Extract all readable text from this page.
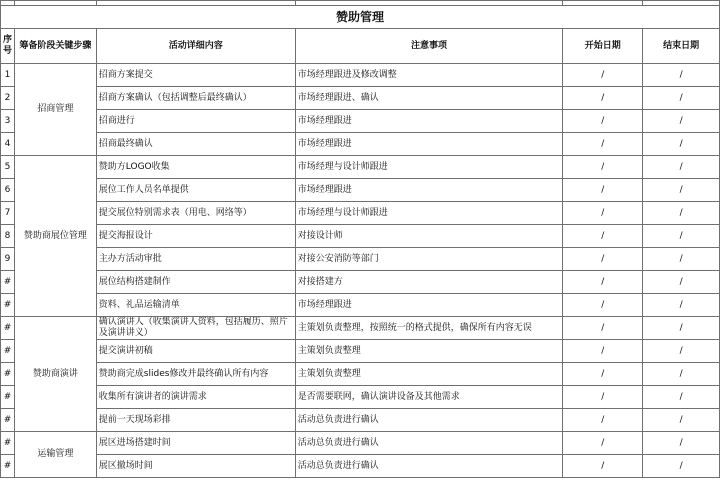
赞助管理					
序号	筹备阶段关键步骤	活动详细内容	注意事项	开始日期	结束日期
1	招商管理	招商方案提交	市场经理跟进及修改调整	/	/
2		招商方案确认（包括调整后最终确认）	市场经理跟进、确认	/	/
3		招商进行	市场经理跟进	/	/
4		招商最终确认	市场经理跟进	/	/
5	赞助商展位管理	赞助方LOGO收集	市场经理与设计师跟进	/	/
6		展位工作人员名单提供	市场经理跟进	/	/
7		提交展位特别需求表（用电、网络等）	市场经理与设计师跟进	/	/
8		提交海报设计	对接设计师	/	/
9		主办方活动审批	对接公安消防等部门	/	/
#		展位结构搭建制作	对接搭建方	/	/
#		资料、礼品运输清单	市场经理跟进	/	/
#	赞助商演讲	确认演讲人（收集演讲人资料，包括履历、照片及演讲讲义）	主策划负责整理，按照统一的格式提供，确保所有内容无误	/	/
#		提交演讲初稿	主策划负责整理	/	/
#		赞助商完成slides修改并最终确认所有内容	主策划负责整理	/	/
#		收集所有演讲者的演讲需求	是否需要联网，确认演讲设备及其他需求	/	/
#		提前一天现场彩排	活动总负责进行确认	/	/
#	运输管理	展区进场搭建时间	活动总负责进行确认	/	/
#		展区撤场时间	活动总负责进行确认	/	/
